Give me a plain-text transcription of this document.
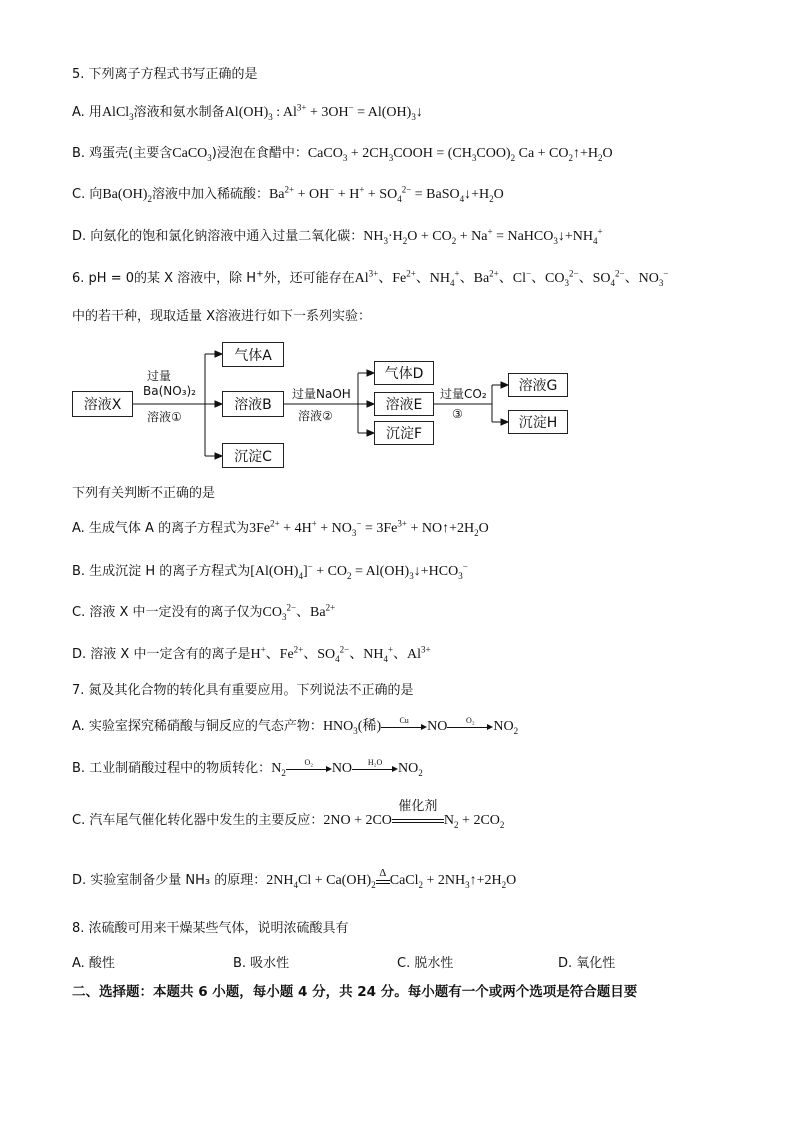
5. 下列离子方程式书写正确的是
A. 用AlCl$_3$溶液和氨水制备$Al(OH)_3$ : $Al^{3+} + 3OH^-$ = $Al(OH)_3↓$
B. 鸡蛋壳(主要含CaCO$_3$)浸泡在食醋中：CaCO$_3$ + $2CH_3COOH = (CH_3COO)_2$ $Ca + CO_2↑+H_2O$
C. 向$Ba(OH)_2$溶液中加入稀硫酸：$Ba^{2+} + OH^- + H^+ + SO_4^{2-}$ = $BaSO_4↓+H_2O$
D. 向氨化的饱和氯化钠溶液中通入过量二氧化碳：$NH_3\cdot H_2O + CO_2 + Na^+$ = $NaHCO_3↓+NH_4^+$
6. pH = 0的某 X 溶液中，除 H+外，还可能存在$Al^{3+}$、$Fe^{2+}$、$NH_4^+$、$Ba^{2+}$、Cl−、$CO_3^{2-}$、$SO_4^{2-}$、$NO_3^-$
中的若干种，现取适量 X溶液进行如下一系列实验：
溶液X
过量
Ba(NO₃)₂
溶液①
气体A
溶液B
沉淀C
过量NaOH
溶液②
气体D
溶液E
沉淀F
过量CO₂
③
溶液G
沉淀H
下列有关判断不正确的是
A. 生成气体 A 的离子方程式为$3Fe^{2+} + 4H^+ + NO_3^- = 3Fe^{3+}$ + $NO↑+2H_2O$
B. 生成沉淀 H 的离子方程式为$[Al(OH)_4]^- + CO_2$ = $Al(OH)_3↓+HCO_3^-$
C. 溶液 X 中一定没有的离子仅为$CO_3^{2-}$、$Ba^{2+}$
D. 溶液 X 中一定含有的离子是H+、$Fe^{2+}$、$SO_4^{2-}$、$NH_4^+$、$Al^{3+}$
7. 氮及其化合物的转化具有重要应用。下列说法不正确的是
A. 实验室探究稀硝酸与铜反应的气态产物：$HNO_3$(稀)	Cu	NO	O₂	$NO_2$
B. 工业制硝酸过程中的物质转化：$N_2$
O₂	NO	H₂O	$NO_2$
C. 汽车尾气催化转化器中发生的主要反应：2NO + 2CO
催化剂
$N_2 + 2CO_2$
D. 实验室制备少量 NH₃ 的原理：$2NH_4Cl + Ca(OH)_2$
Δ
CaCl$_2$ + $2NH_3↑+2H_2O$
8. 浓硫酸可用来干燥某些气体，说明浓硫酸具有
A. 酸性	B. 吸水性	C. 脱水性	D. 氧化性
二、选择题：本题共 6 小题，每小题 4 分，共 24 分。每小题有一个或两个选项是符合题目要
